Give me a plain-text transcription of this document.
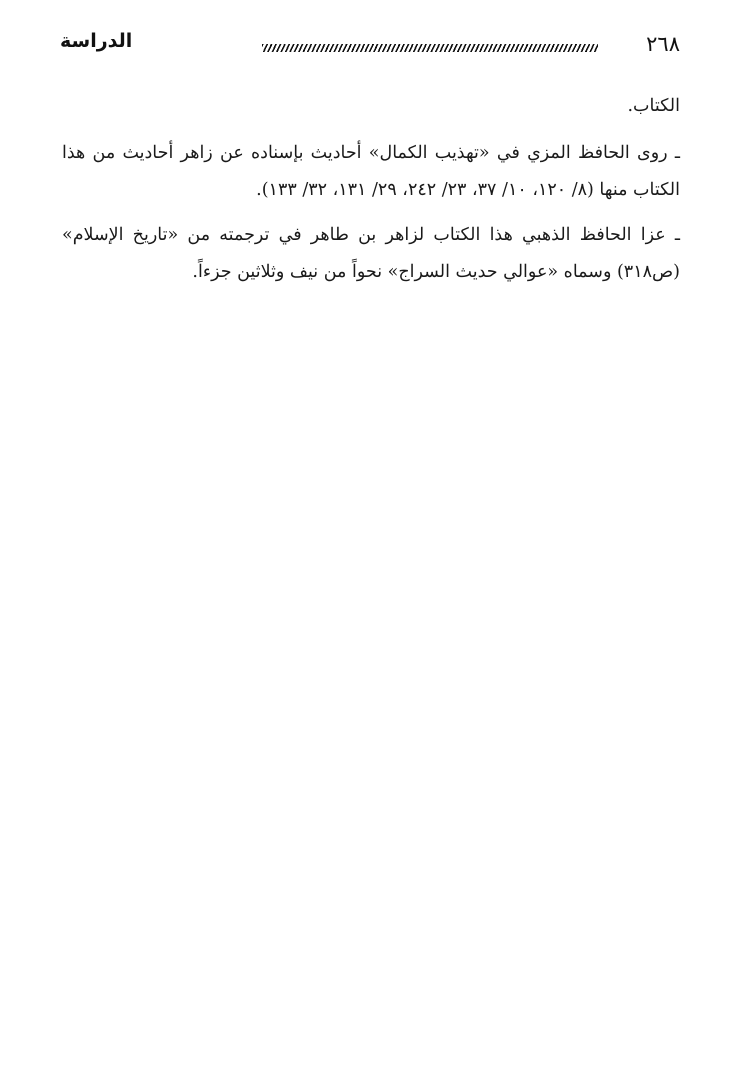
٢٦٨
الدراسة

الكتاب.

ـ روى الحافظ المزي في «تهذيب الكمال» أحاديث بإسناده عن زاهر أحاديث من هذا الكتاب منها (٨/ ١٢٠، ١٠/ ٣٧، ٢٣/ ٢٤٢، ٢٩/ ١٣١، ٣٢/ ١٣٣).

ـ عزا الحافظ الذهبي هذا الكتاب لزاهر بن طاهر في ترجمته من «تاريخ الإسلام» (ص٣١٨) وسماه «عوالي حديث السراج» نحواً من نيف وثلاثين جزءاً.
